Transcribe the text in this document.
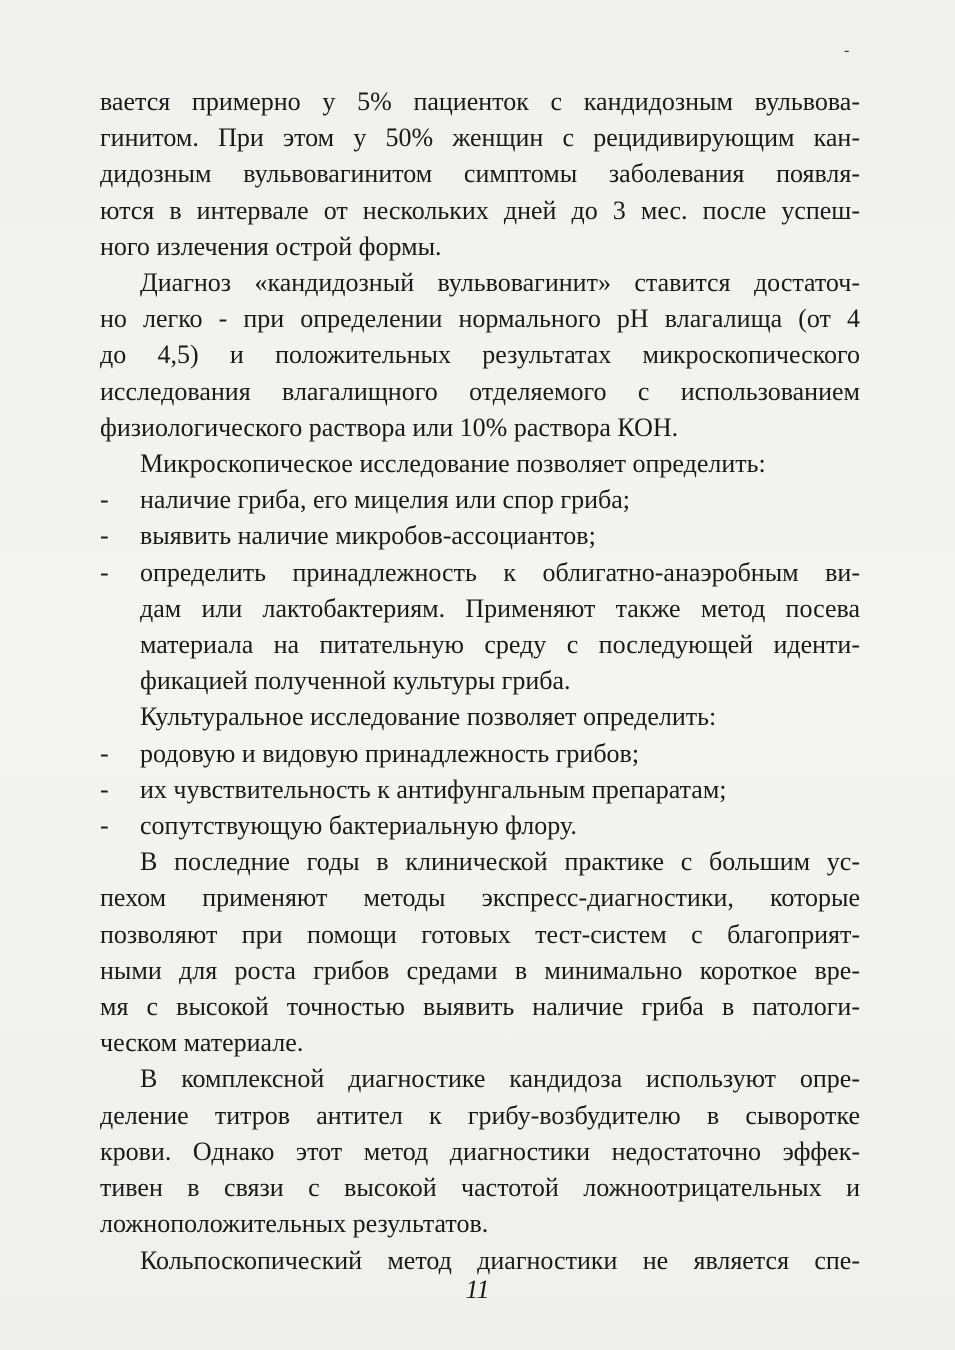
-

вается примерно у 5% пациенток с кандидозным вульвова-

гинитом. При этом у 50% женщин с рецидивирующим кан-

дидозным вульвовагинитом симптомы заболевания появля-

ются в интервале от нескольких дней до 3 мес. после успеш-

ного излечения острой формы.

Диагноз «кандидозный вульвовагинит» ставится достаточ-

но легко - при определении нормального рН влагалища (от 4

до 4,5) и положительных результатах микроскопического

исследования влагалищного отделяемого с использованием

физиологического раствора или 10% раствора КОН.

Микроскопическое исследование позволяет определить:

-	наличие гриба, его мицелия или спор гриба;
-	выявить наличие микробов-ассоциантов;
-	определить принадлежность к облигатно-анаэробным ви-
дам или лактобактериям. Применяют также метод посева
материала на питательную среду с последующей иденти-
фикацией полученной культуры гриба.

Культуральное исследование позволяет определить:

-	родовую и видовую принадлежность грибов;
-	их чувствительность к антифунгальным препаратам;
-	сопутствующую бактериальную флору.

В последние годы в клинической практике с большим ус-

пехом применяют методы экспресс-диагностики, которые

позволяют при помощи готовых тест-систем с благоприят-

ными для роста грибов средами в минимально короткое вре-

мя с высокой точностью выявить наличие гриба в патологи-

ческом материале.

В комплексной диагностике кандидоза используют опре-

деление титров антител к грибу-возбудителю в сыворотке

крови. Однако этот метод диагностики недостаточно эффек-

тивен в связи с высокой частотой ложноотрицательных и

ложноположительных результатов.

Кольпоскопический метод диагностики не является спе-

11
